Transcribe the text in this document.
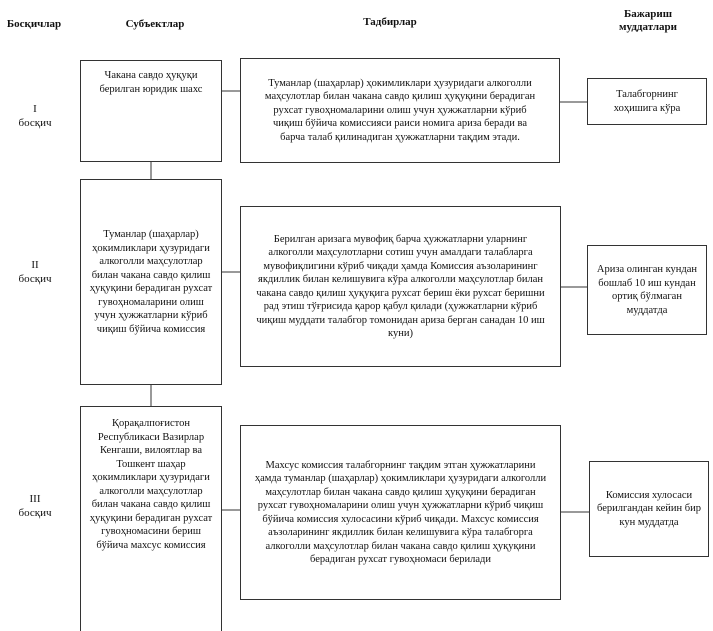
Босқичлар	Субъектлар	Тадбирлар
Бажариш муддатлари
I
босқич
II
босқич
III
босқич
Чакана савдо ҳуқуқи берилган юридик шахс
Туманлар (шаҳарлар) ҳокимликлари ҳузуридаги алкоголли маҳсулотлар билан чакана савдо қилиш ҳуқуқини берадиган рухсат гувоҳномаларини олиш учун ҳужжатларни кўриб чиқиш бўйича комиссия
Қорақалпоғистон Республикаси Вазирлар Кенгаши, вилоятлар ва Тошкент шаҳар ҳокимликлари ҳузуридаги алкоголли маҳсулотлар билан чакана савдо қилиш ҳуқуқини берадиган рухсат гувоҳномасини бериш бўйича махсус комиссия
Туманлар (шаҳарлар) ҳокимликлари ҳузуридаги алкоголли маҳсулотлар билан чакана савдо қилиш ҳуқуқини берадиган рухсат гувоҳномаларини олиш учун ҳужжатларни кўриб чиқиш бўйича комиссияси раиси номига ариза беради ва барча талаб қилинадиган ҳужжатларни тақдим этади.
Берилган аризага мувофиқ барча ҳужжатларни уларнинг алкоголли маҳсулотларни сотиш учун амалдаги талабларга мувофиқлигини кўриб чиқади ҳамда Комиссия аъзоларининг якдиллик билан келишувига кўра алкоголли маҳсулотлар билан чакана савдо қилиш ҳуқуқига рухсат бериш ёки рухсат беришни рад этиш тўғрисида қарор қабул қилади (ҳужжатларни кўриб чиқиш муддати талабгор томонидан ариза берган санадан 10 иш куни)
Махсус комиссия талабгорнинг тақдим этган ҳужжатларини ҳамда туманлар (шаҳарлар) ҳокимликлари ҳузуридаги алкоголли маҳсулотлар билан чакана савдо қилиш ҳуқуқини берадиган рухсат гувоҳномаларини олиш учун ҳужжатларни кўриб чиқиш бўйича комиссия хулосасини кўриб чиқади. Махсус комиссия аъзоларининг якдиллик билан келишувига кўра талабгорга алкоголли маҳсулотлар билан чакана савдо қилиш ҳуқуқини берадиган рухсат гувоҳномаси берилади
Талабгорнинг хоҳишига кўра
Ариза олинган кундан бошлаб 10 иш кундан ортиқ бўлмаган муддатда
Комиссия хулосаси берилгандан кейин бир кун муддатда
